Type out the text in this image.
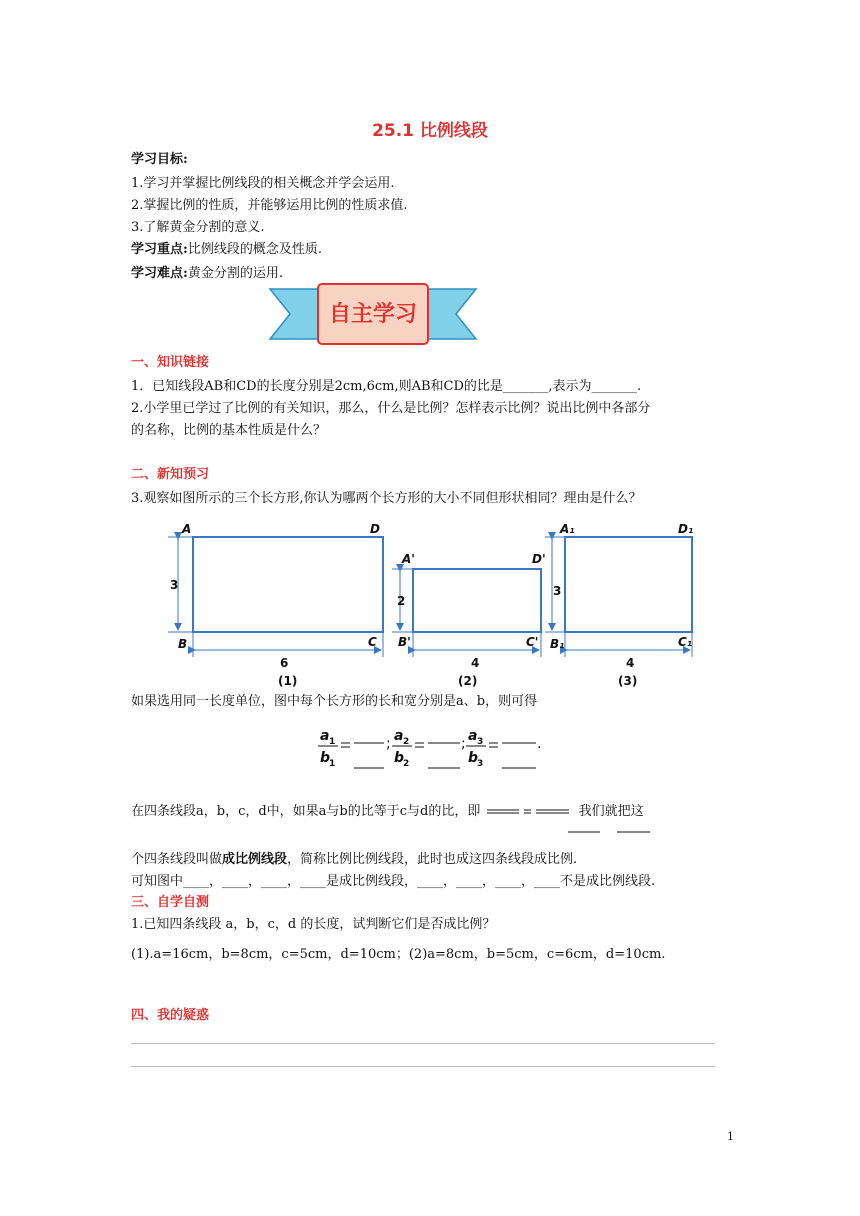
25.1 比例线段
学习目标:
1.学习并掌握比例线段的相关概念并学会运用.
2.掌握比例的性质，并能够运用比例的性质求值.
3.了解黄金分割的意义.
学习重点:比例线段的概念及性质.
学习难点:黄金分割的运用.
自主学习
一、知识链接
1．已知线段AB和CD的长度分别是2cm,6cm,则AB和CD的比是_______,表示为_______.
2.小学里已学过了比例的有关知识，那么，什么是比例？怎样表示比例？说出比例中各部分
的名称，比例的基本性质是什么？
二、新知预习
3.观察如图所示的三个长方形,你认为哪两个长方形的大小不同但形状相同？理由是什么？
A	D
B	C
A'	D'
B'	C'
A₁	D₁
B₁	C₁
3
6
2
4
3
4
(1)	(2)	(3)
如果选用同一长度单位，图中每个长方形的长和宽分别是a、b，则可得
a 1
b
1
a 2
b
2
a 3
b
3
;	;	.
在四条线段a，b，c，d中，如果a与b的比等于c与d的比，即	我们就把这
个四条线段叫做成比例线段，简称比例比例线段，此时也成这四条线段成比例.
可知图中____，____，____，____是成比例线段，____，____，____，____不是成比例线段.
三、自学自测
1.已知四条线段 a，b，c，d 的长度，试判断它们是否成比例？
(1).a=16cm，b=8cm，c=5cm，d=10cm；(2)a=8cm，b=5cm，c=6cm，d=10cm.
四、我的疑惑
1
